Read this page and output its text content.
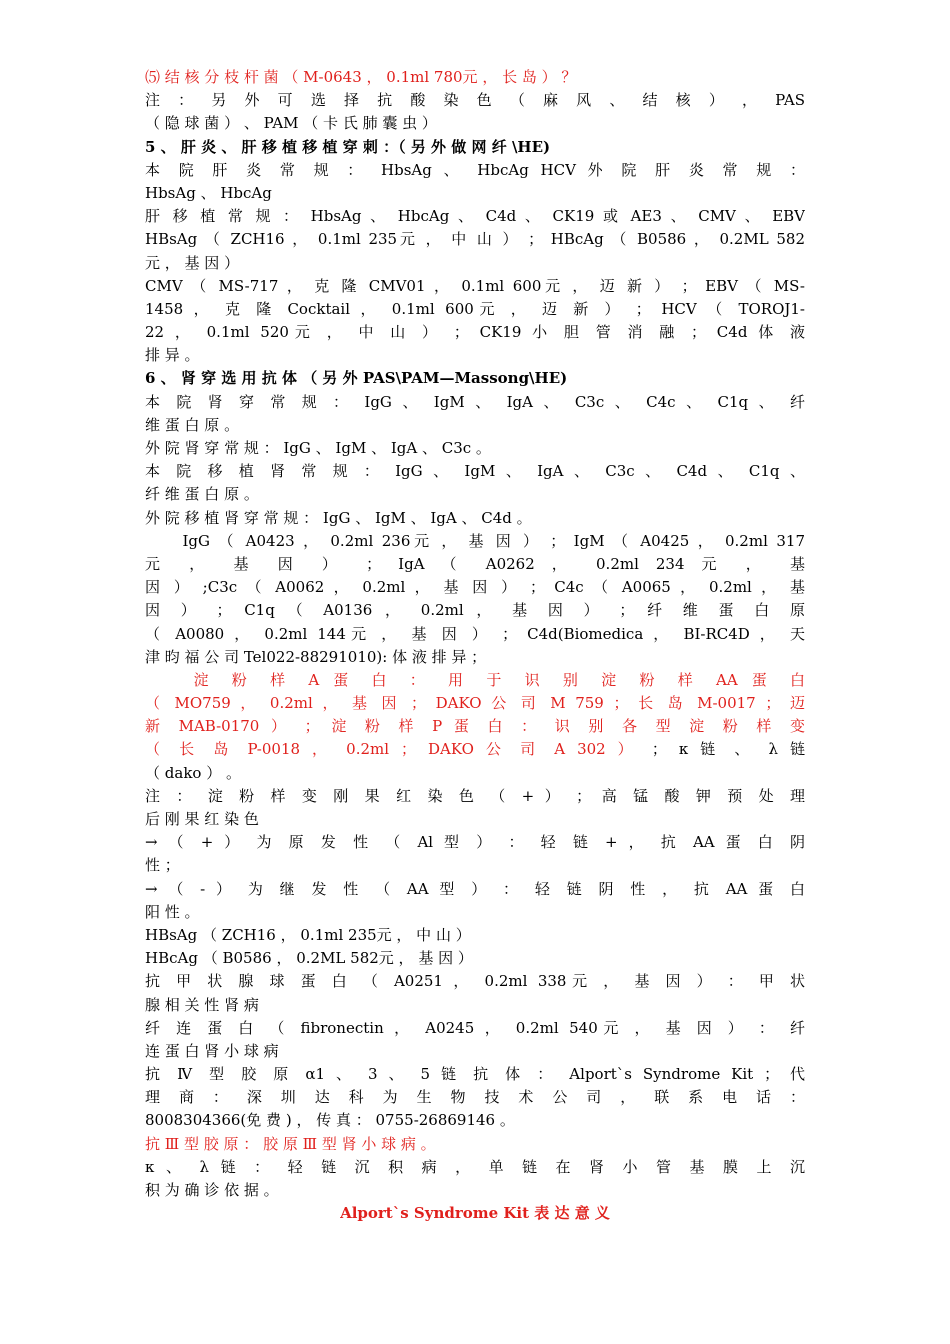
⑸ 结 核 分 枝 杆 菌 （ M-0643 ， 0.1ml 780元 ， 长 岛 ） ？
注 ： 另 外 可 选 择 抗 酸 染 色 （ 麻 风 、 结 核 ） ， PAS
（ 隐 球 菌 ） 、 PAM （ 卡 氏 肺 囊 虫 ）
5 、 肝 炎 、 肝 移 植 移 植 穿 刺 ：（ 另 外 做 网 纤 \HE)
本 院 肝 炎 常 规 ： HbsAg 、 HbcAg HCV 外 院 肝 炎 常 规 ：
HbsAg 、 HbcAg
肝 移 植 常 规 ： HbsAg 、 HbcAg 、 C4d 、 CK19 或 AE3 、 CMV 、 EBV
HBsAg （ ZCH16 ， 0.1ml 235元 ， 中 山 ） ； HBcAg （ B0586 ， 0.2ML 582
元 ， 基 因 ）
CMV （ MS-717 ， 克 隆 CMV01 ， 0.1ml 600元 ， 迈 新 ） ； EBV （ MS-
1458 ， 克 隆 Cocktail ， 0.1ml 600元 ， 迈 新 ） ； HCV （ TOROJ1-
22 ， 0.1ml 520元 ， 中 山 ） ； CK19 小 胆 管 消 融 ； C4d 体 液
排 异 。
6 、 肾 穿 选 用 抗 体 （ 另 外 PAS\PAM—Massong\HE)
本 院 肾 穿 常 规 ： IgG 、 IgM 、 IgA 、 C3c 、 C4c 、 C1q 、 纤
维 蛋 白 原 。
外 院 肾 穿 常 规 ： IgG 、 IgM 、 IgA 、 C3c 。
本 院 移 植 肾 常 规 ： IgG 、 IgM 、 IgA 、 C3c 、 C4d 、 C1q 、
纤 维 蛋 白 原 。
外 院 移 植 肾 穿 常 规 ： IgG 、 IgM 、 IgA 、 C4d 。
　　IgG （ A0423 ， 0.2ml 236元 ， 基 因 ） ； IgM （ A0425 ， 0.2ml 317
元 ， 基 因 ） ； IgA （ A0262 ， 0.2ml 234 元 ， 基
因 ） ;C3c （ A0062 ， 0.2ml ， 基 因 ） ； C4c （ A0065 ， 0.2ml ， 基
因 ） ； C1q （ A0136 ， 0.2ml ， 基 因 ） ； 纤 维 蛋 白 原
（ A0080 ， 0.2ml 144元 ， 基 因 ） ； C4d(Biomedica ， BI-RC4D ， 天
津 昀 福 公 司 Tel022-88291010): 体 液 排 异 ；
　　淀 粉 样 A 蛋 白 ： 用 于 识 别 淀 粉 样 AA 蛋 白
（ MO759 ， 0.2ml ， 基 因 ； DAKO 公 司 M 759 ； 长 岛 M-0017 ； 迈
新 MAB-0170 ） ； 淀 粉 样 P 蛋 白 ： 识 别 各 型 淀 粉 样 变
（ 长 岛 P-0018 ， 0.2ml ； DAKO 公 司 A 302 ） ； κ 链 、 λ 链
（ dako ） 。
注 ： 淀 粉 样 变 刚 果 红 染 色 （ + ） ； 高 锰 酸 钾 预 处 理
后 刚 果 红 染 色
→ （ + ） 为 原 发 性 （ Al 型 ） ： 轻 链 + ， 抗 AA 蛋 白 阴
性 ；
→ （ - ） 为 继 发 性 （ AA 型 ） ： 轻 链 阴 性 ， 抗 AA 蛋 白
阳 性 。
HBsAg （ ZCH16 ， 0.1ml 235元 ， 中 山 ）
HBcAg （ B0586 ， 0.2ML 582元 ， 基 因 ）
抗 甲 状 腺 球 蛋 白 （ A0251 ， 0.2ml 338元 ， 基 因 ） ： 甲 状
腺 相 关 性 肾 病
纤 连 蛋 白 （ fibronectin ， A0245 ， 0.2ml 540元 ， 基 因 ） ： 纤
连 蛋 白 肾 小 球 病
抗 Ⅳ 型 胶 原 α1 、 3 、 5 链 抗 体 ： Alport`s Syndrome Kit ； 代
理 商 ： 深 圳 达 科 为 生 物 技 术 公 司 ， 联 系 电 话 ：
8008304366(免 费 ) ， 传 真 ： 0755-26869146 。
抗 Ⅲ 型 胶 原 ： 胶 原 Ⅲ 型 肾 小 球 病 。
κ 、 λ 链 ： 轻 链 沉 积 病 ， 单 链 在 肾 小 管 基 膜 上 沉
积 为 确 诊 依 据 。
Alport`s Syndrome Kit 表 达 意 义
